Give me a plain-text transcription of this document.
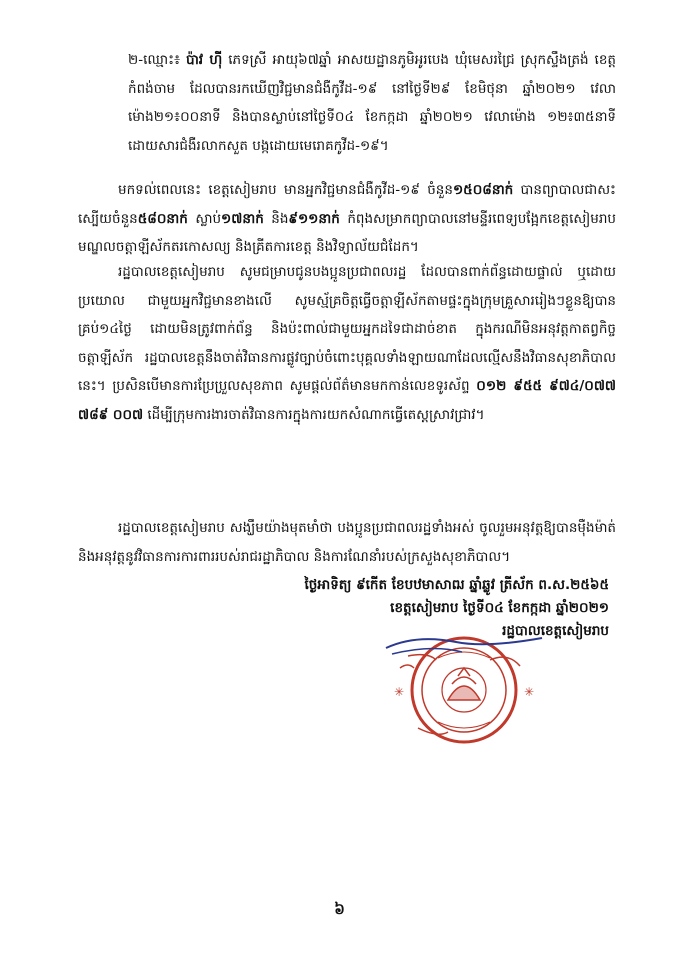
២-ឈ្មោះ៖ ប៉ាវ ហ៊ី ភេទស្រី អាយុ៦៧ឆ្នាំ អាសយដ្ឋានភូមិអូរបេង ឃុំមេសរជ្រៃ ស្រុកស្ទឹងត្រង់ ខេត្តកំពង់ចាម ដែលបានរកឃើញវិជ្ជមានជំងឺកូវីដ-១៩ នៅថ្ងៃទី២៩ ខែមិថុនា ឆ្នាំ២០២១ វេលាម៉ោង២១៖០០នាទី និងបានស្លាប់នៅថ្ងៃទី០៤ ខែកក្កដា ឆ្នាំ២០២១ វេលាម៉ោង ១២៖៣៥នាទី ដោយសារជំងឺរលាកសួត បង្កដោយមេរោគកូវីដ-១៩។
មកទល់ពេលនេះ ខេត្តសៀមរាប មានអ្នកវិជ្ជមានជំងឺកូវីដ-១៩ ចំនួន១៥០៨នាក់ បានព្យាបាលជាសះស្បើយចំនួន៥៨០នាក់ ស្លាប់១៧នាក់ និង៩១១នាក់ កំពុងសម្រាកព្យាបាលនៅមន្ទីរពេទ្យបង្អែកខេត្តសៀមរាប មណ្ឌលចត្តាឡីស័កតរកោសល្យ និងគ្រីតការខេត្ត និងវិទ្យាល័យជំដែក។
រដ្ឋបាលខេត្តសៀមរាប សូមជម្រាបជូនបងប្អូនប្រជាពលរដ្ឋ ដែលបានពាក់ព័ន្ធដោយផ្ទាល់ ឬដោយប្រយោល ជាមួយអ្នកវិជ្ជមានខាងលើ សូមស្ម័គ្រចិត្តធ្វើចត្តាឡីស័កតាមផ្ទះក្នុងក្រុមគ្រួសាររៀងៗខ្លួនឱ្យបានគ្រប់១៤ថ្ងៃ ដោយមិនត្រូវពាក់ព័ន្ធ និងប៉ះពាល់ជាមួយអ្នកដទៃជាដាច់ខាត ក្នុងករណីមិនអនុវត្តកាតព្វកិច្ចចត្តាឡីស័ក រដ្ឋបាលខេត្តនឹងចាត់វិធានការផ្លូវច្បាប់ចំពោះបុគ្គលទាំងឡាយណាដែលល្មើសនឹងវិធានសុខាភិបាលនេះ។ ប្រសិនបើមានការប្រែប្រួលសុខភាព សូមផ្តល់ព័ត៌មានមកកាន់លេខទូរស័ព្ទ ០១២ ៩៥៥ ៩៧៤/០៧៧ ៧៨៩ ០០៧ ដើម្បីក្រុមការងារចាត់វិធានការក្នុងការយកសំណាកធ្វើតេស្តស្រាវជ្រាវ។
រដ្ឋបាលខេត្តសៀមរាប សង្ឃឹមយ៉ាងមុតមាំថា បងប្អូនប្រជាពលរដ្ឋទាំងអស់ ចូលរួមអនុវត្តឱ្យបានម៉ឺងម៉ាត់ និងអនុវត្តនូវវិធានការការពាររបស់រាជរដ្ឋាភិបាល និងការណែនាំរបស់ក្រសួងសុខាភិបាល។
ថ្ងៃអាទិត្យ ៩កើត ខែបឋមាសាឍ ឆ្នាំឆ្លូវ ត្រីស័ក ព.ស.២៥៦៥
ខេត្តសៀមរាប ថ្ងៃទី០៤ ខែកក្កដា ឆ្នាំ២០២១
រដ្ឋបាលខេត្តសៀមរាប
✳	✳
៦
